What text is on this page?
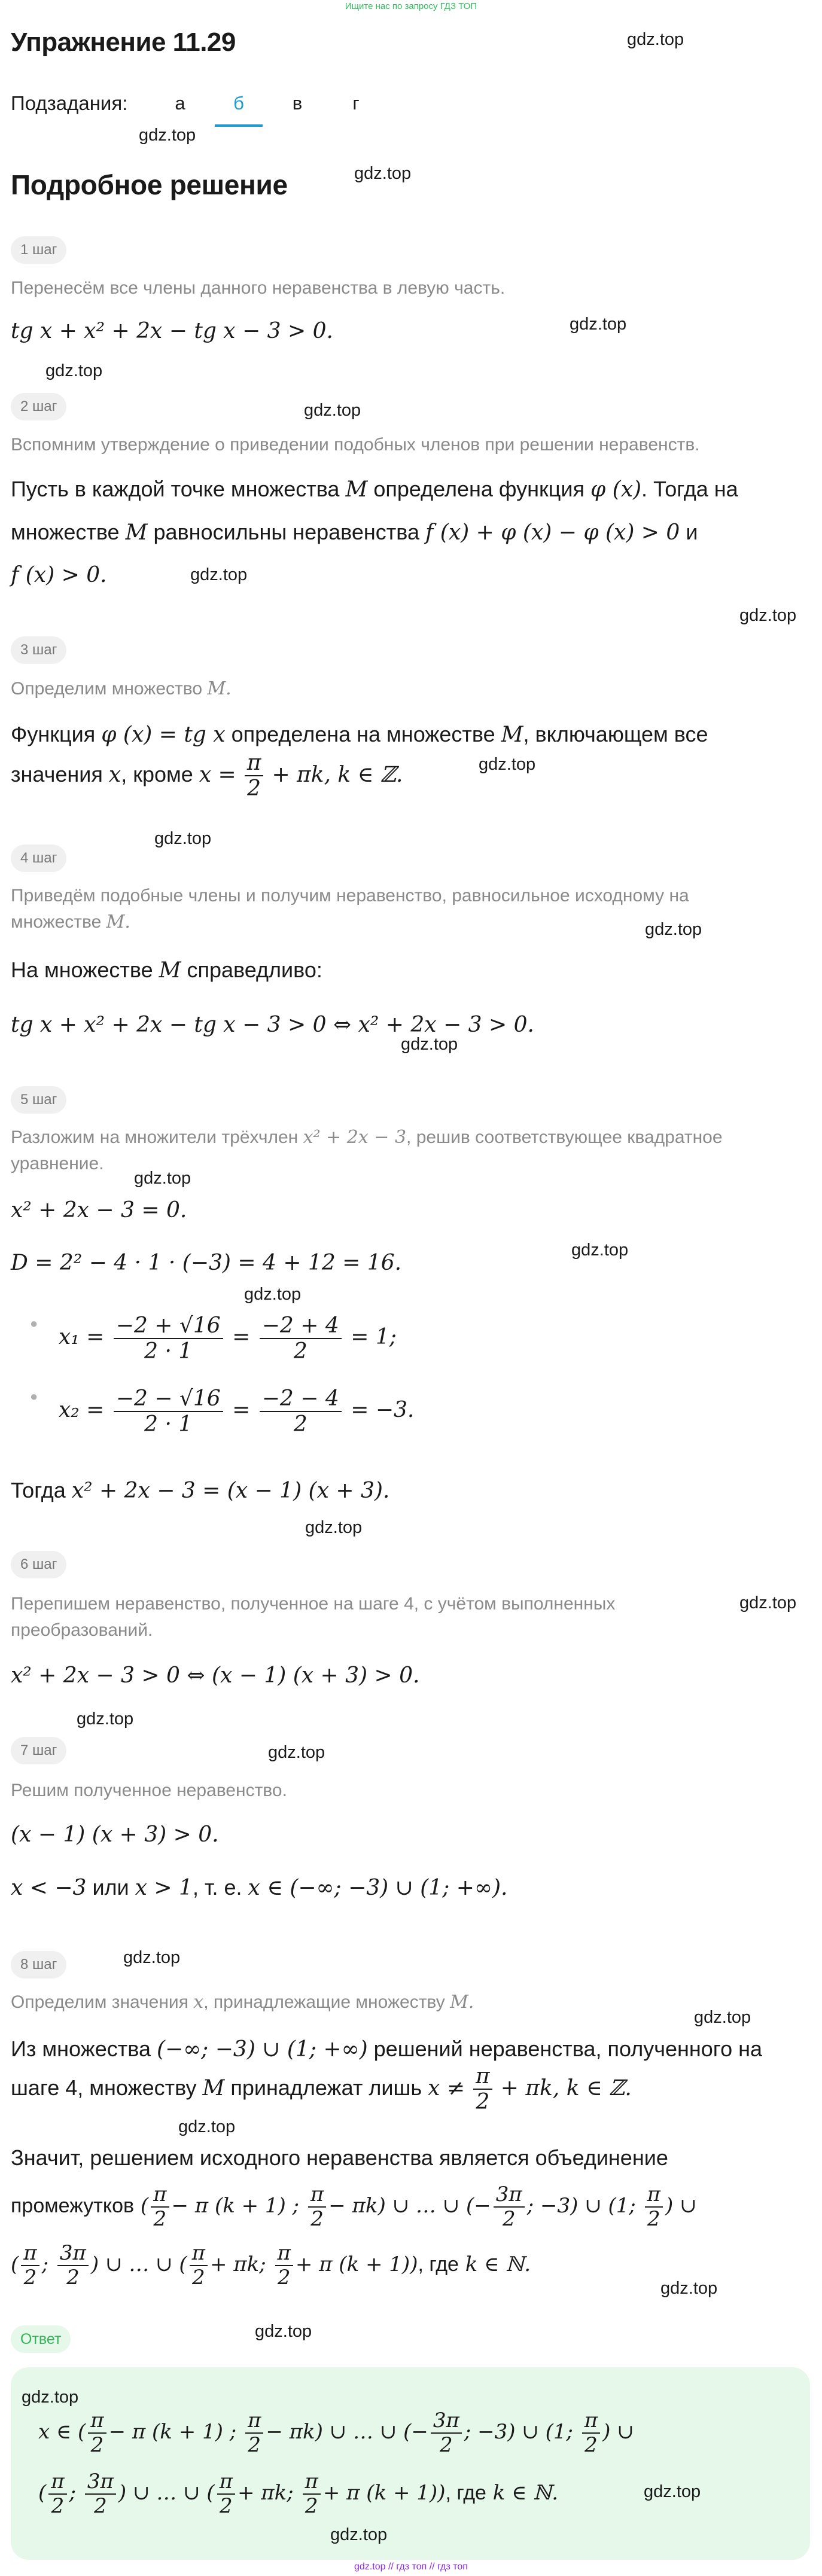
Ищите нас по запросу ГДЗ ТОП
Упражнение 11.29	gdz.top
Подзадания:	а	б	в	г
gdz.top
Подробное решение	gdz.top
1 шаг
Перенесём все члены данного неравенства в левую часть.
tg x + x² + 2x − tg x − 3 > 0.	gdz.top
gdz.top
2 шаг	gdz.top
Вспомним утверждение о приведении подобных членов при решении неравенств.
Пусть в каждой точке множества M определена функция φ (x). Тогда на
множестве M равносильны неравенства f (x) + φ (x) − φ (x) > 0 и
f (x) > 0.	gdz.top
gdz.top
3 шаг
Определим множество M.
Функция φ (x) = tg x определена на множестве M, включающем все
gdz.top
значения x, кроме $x = \frac{\pi}{2} + \pi k$, k ∈ ℤ.
gdz.top
4 шаг
Приведём подобные члены и получим неравенство, равносильное исходному на
множестве M.	gdz.top
На множестве M справедливо:
tg x + x² + 2x − tg x − 3 > 0 ⇔ x² + 2x − 3 > 0.
gdz.top
5 шаг
Разложим на множители трёхчлен x² + 2x − 3, решив соответствующее квадратное
уравнение.
gdz.top
x² + 2x − 3 = 0.
D = 2² − 4 · 1 · (−3) = 4 + 12 = 16.
gdz.top
gdz.top
●
$x_1 = \frac{-2 + √16}{2 \cdot 1} = \frac{-2 + 4}{2} = 1$;
●
$x_2 = \frac{-2 - √16}{2 \cdot 1} = \frac{-2 - 4}{2} = -3$.
Тогда x² + 2x − 3 = (x − 1) (x + 3).
gdz.top
6 шаг
Перепишем неравенство, полученное на шаге 4, с учётом выполненных	gdz.top
преобразований.
x² + 2x − 3 > 0 ⇔ (x − 1) (x + 3) > 0.
gdz.top
7 шаг	gdz.top
Решим полученное неравенство.
(x − 1) (x + 3) > 0.
x < −3 или x > 1, т. е. x ∈ (−∞; −3) ∪ (1; +∞).
8 шаг	gdz.top
Определим значения x, принадлежащие множеству M.
gdz.top
Из множества (−∞; −3) ∪ (1; +∞) решений неравенства, полученного на
шаге 4, множеству M принадлежат лишь $x \ne \frac{\pi}{2} + \pi k$, k ∈ ℤ.
gdz.top
Значит, решением исходного неравенства является объединение
промежутков ( $\frac{\pi}{2} - \pi$ (k + 1) ; $\frac{\pi}{2} - \pi k$) ∪ … ∪ (− $\frac{3\pi}{2}$ ; −3) ∪ (1; $\frac{\pi}{2}$ ) ∪
( $\frac{\pi}{2}$ ; $\frac{3\pi}{2}$ ) ∪ … ∪ ( $\frac{\pi}{2} + \pi k$; $\frac{\pi}{2} + \pi$ (k + 1)), где k ∈ ℕ.
gdz.top
Ответ	gdz.top
gdz.top
x ∈ ( $\frac{\pi}{2} - \pi$ (k + 1) ; $\frac{\pi}{2} - \pi k$) ∪ … ∪ (− $\frac{3\pi}{2}$ ; −3) ∪ (1; $\frac{\pi}{2}$ ) ∪
( $\frac{\pi}{2}$ ; $\frac{3\pi}{2}$ ) ∪ … ∪ ( $\frac{\pi}{2} + \pi k$; $\frac{\pi}{2} + \pi$ (k + 1)), где k ∈ ℕ.	gdz.top
gdz.top
gdz.top // гдз топ // гдз топ
